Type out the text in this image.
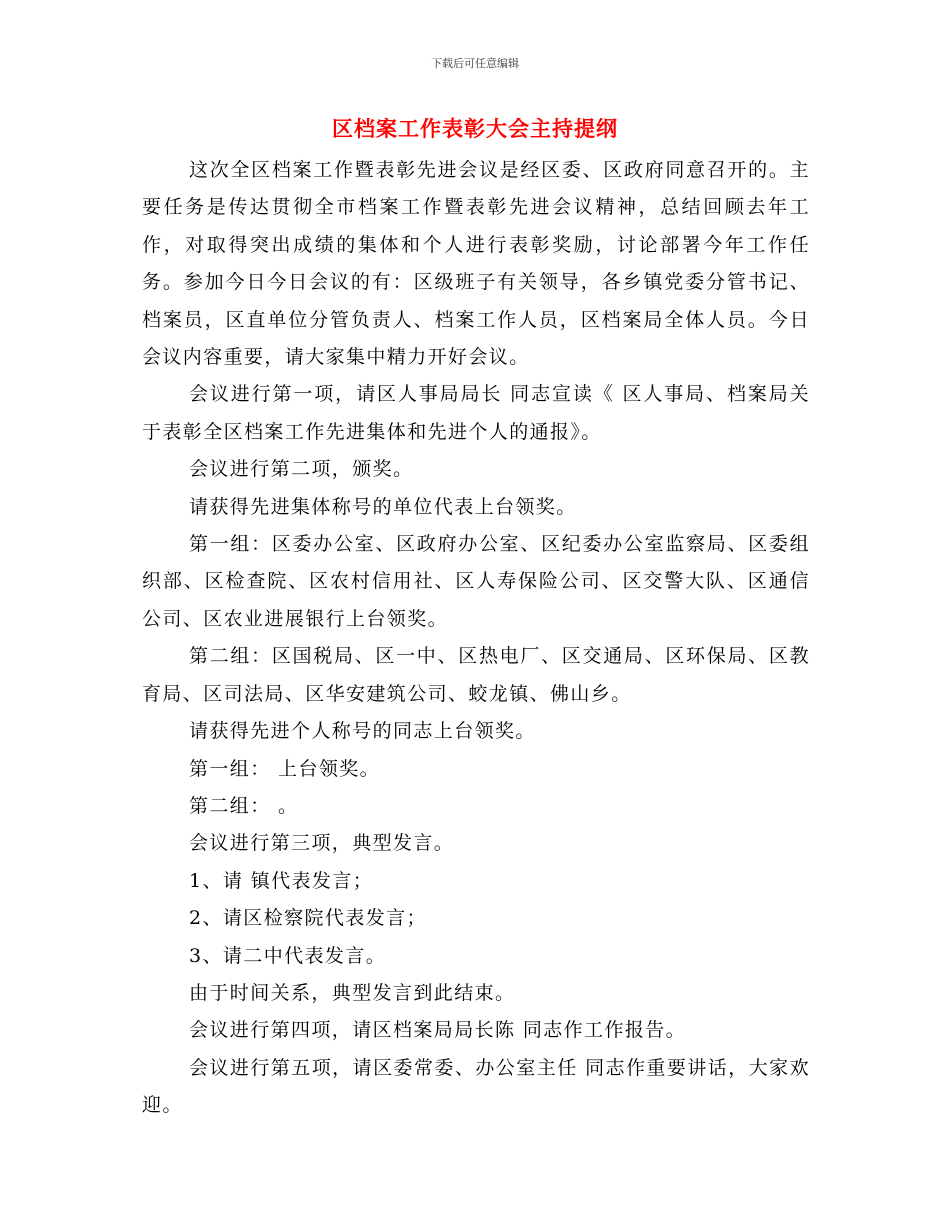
下载后可任意编辑
区档案工作表彰大会主持提纲

这次全区档案工作暨表彰先进会议是经区委、区政府同意召开的。主要任务是传达贯彻全市档案工作暨表彰先进会议精神，总结回顾去年工作，对取得突出成绩的集体和个人进行表彰奖励，讨论部署今年工作任务。参加今日今日会议的有：区级班子有关领导，各乡镇党委分管书记、档案员，区直单位分管负责人、档案工作人员，区档案局全体人员。今日会议内容重要，请大家集中精力开好会议。

会议进行第一项，请区人事局局长 同志宣读《 区人事局、档案局关于表彰全区档案工作先进集体和先进个人的通报》。

会议进行第二项，颁奖。

请获得先进集体称号的单位代表上台领奖。

第一组：区委办公室、区政府办公室、区纪委办公室监察局、区委组织部、区检查院、区农村信用社、区人寿保险公司、区交警大队、区通信公司、区农业进展银行上台领奖。

第二组：区国税局、区一中、区热电厂、区交通局、区环保局、区教育局、区司法局、区华安建筑公司、蛟龙镇、佛山乡。

请获得先进个人称号的同志上台领奖。

第一组： 上台领奖。

第二组： 。

会议进行第三项，典型发言。

1、请 镇代表发言；

2、请区检察院代表发言；

3、请二中代表发言。

由于时间关系，典型发言到此结束。

会议进行第四项，请区档案局局长陈 同志作工作报告。

会议进行第五项，请区委常委、办公室主任 同志作重要讲话，大家欢迎。
